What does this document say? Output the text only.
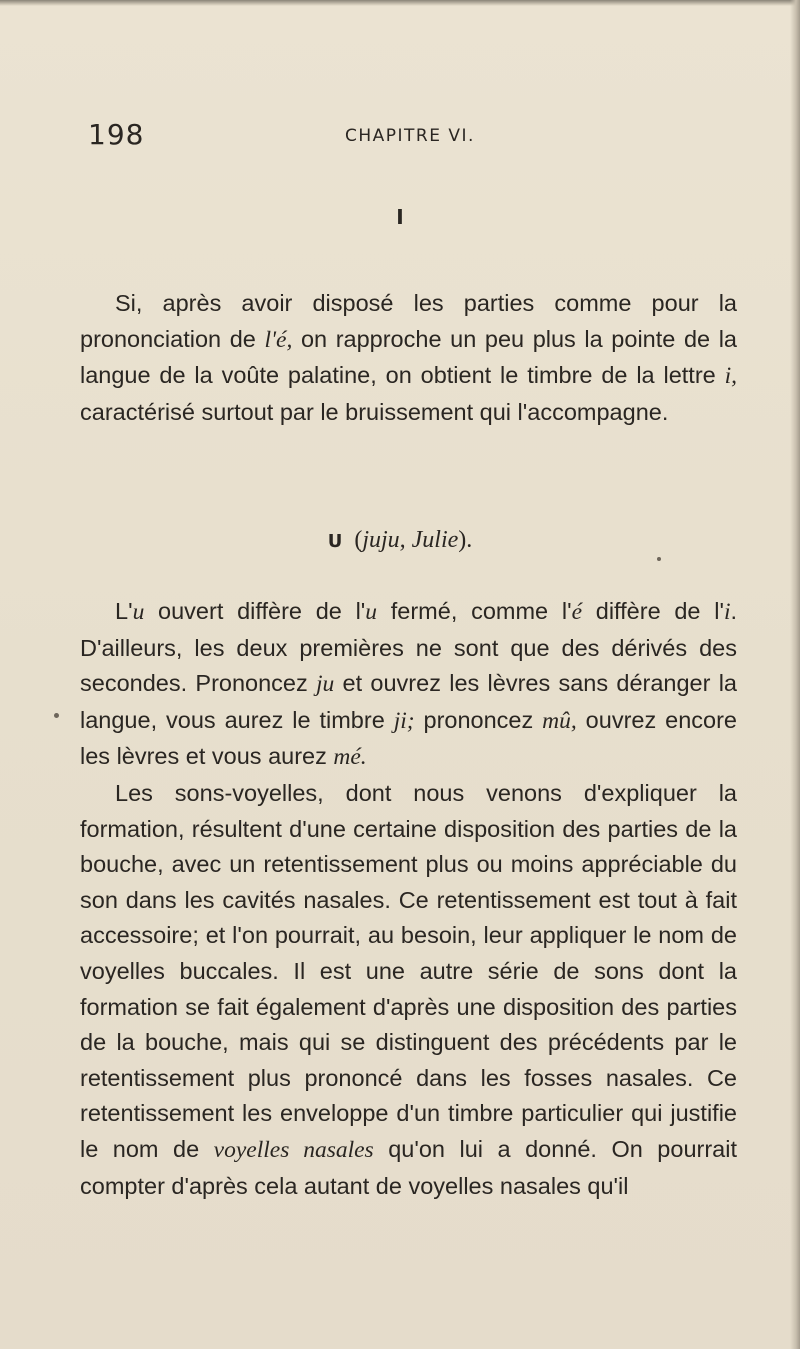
198	CHAPITRE VI.
I

Si, après avoir disposé les parties comme pour la prononciation de l'é, on rapproche un peu plus la pointe de la langue de la voûte palatine, on obtient le timbre de la lettre i, caractérisé surtout par le bruissement qui l'accompagne.

U (juju, Julie).

L'u ouvert diffère de l'u fermé, comme l'é diffère de l'i. D'ailleurs, les deux premières ne sont que des dérivés des secondes. Prononcez ju et ouvrez les lèvres sans déranger la langue, vous aurez le timbre ji; prononcez mû, ouvrez encore les lèvres et vous aurez mé.

Les sons-voyelles, dont nous venons d'expliquer la formation, résultent d'une certaine disposition des parties de la bouche, avec un retentissement plus ou moins appréciable du son dans les cavités nasales. Ce retentissement est tout à fait accessoire; et l'on pourrait, au besoin, leur appliquer le nom de voyelles buccales. Il est une autre série de sons dont la formation se fait également d'après une disposition des parties de la bouche, mais qui se distinguent des précédents par le retentissement plus prononcé dans les fosses nasales. Ce retentissement les enveloppe d'un timbre particulier qui justifie le nom de voyelles nasales qu'on lui a donné. On pourrait compter d'après cela autant de voyelles nasales qu'il
